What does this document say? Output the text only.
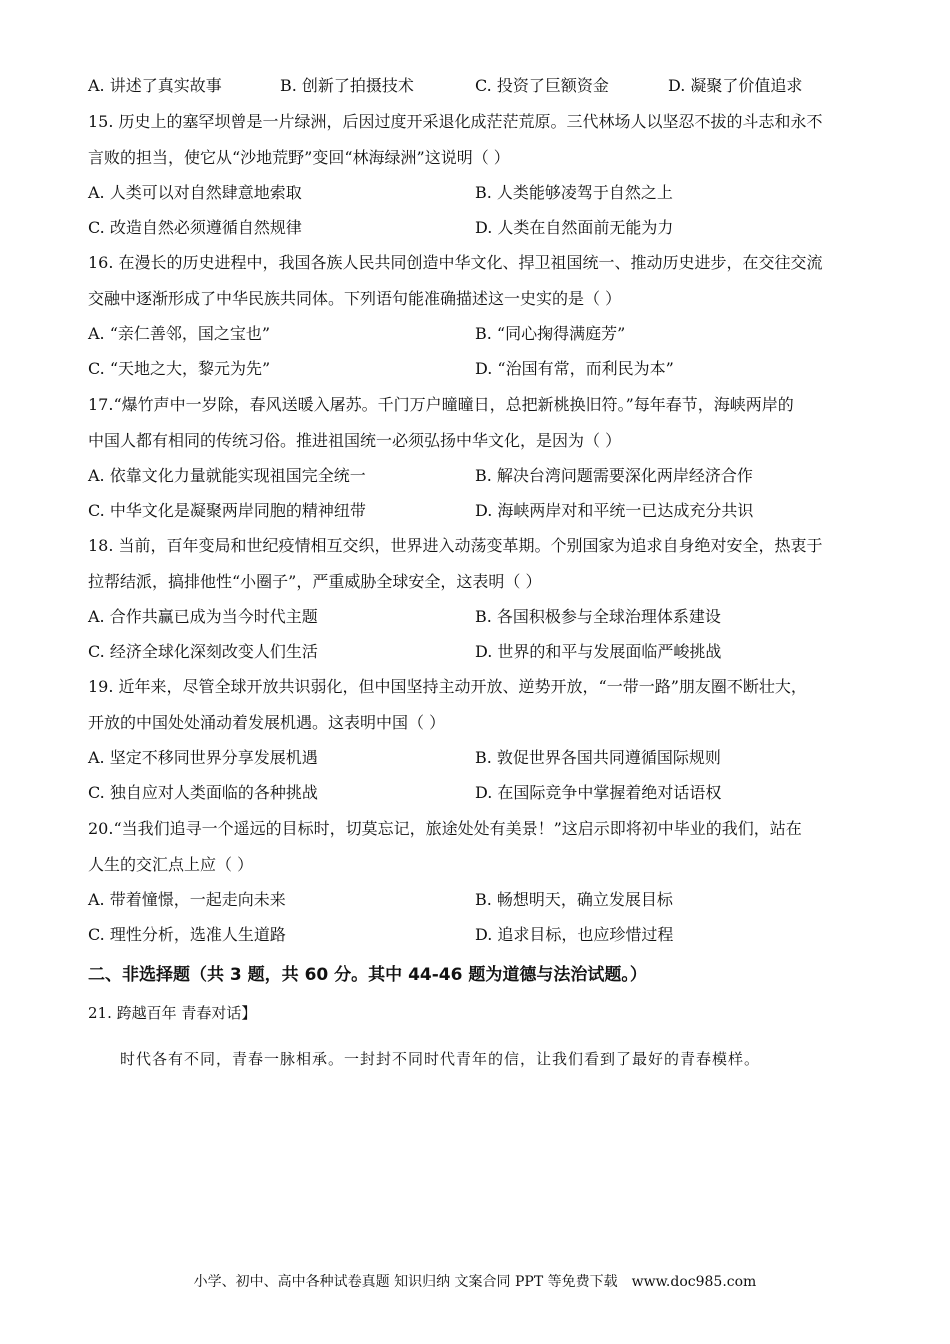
A. 讲述了真实故事	B. 创新了拍摄技术	C. 投资了巨额资金	D. 凝聚了价值追求
15. 历史上的塞罕坝曾是一片绿洲，后因过度开采退化成茫茫荒原。三代林场人以坚忍不拔的斗志和永不
言败的担当，使它从“沙地荒野”变回“林海绿洲”这说明（ ）
A. 人类可以对自然肆意地索取	B. 人类能够凌驾于自然之上
C. 改造自然必须遵循自然规律	D. 人类在自然面前无能为力
16. 在漫长的历史进程中，我国各族人民共同创造中华文化、捍卫祖国统一、推动历史进步，在交往交流
交融中逐渐形成了中华民族共同体。下列语句能准确描述这一史实的是（ ）
A. “亲仁善邻，国之宝也”	B. “同心掬得满庭芳”
C. “天地之大，黎元为先”	D. “治国有常，而利民为本”
17.“爆竹声中一岁除，春风送暖入屠苏。千门万户曈曈日，总把新桃换旧符。”每年春节，海峡两岸的
中国人都有相同的传统习俗。推进祖国统一必须弘扬中华文化，是因为（ ）
A. 依靠文化力量就能实现祖国完全统一	B. 解决台湾问题需要深化两岸经济合作
C. 中华文化是凝聚两岸同胞的精神纽带	D. 海峡两岸对和平统一已达成充分共识
18. 当前，百年变局和世纪疫情相互交织，世界进入动荡变革期。个别国家为追求自身绝对安全，热衷于
拉帮结派，搞排他性“小圈子”，严重威胁全球安全，这表明（ ）
A. 合作共赢已成为当今时代主题	B. 各国积极参与全球治理体系建设
C. 经济全球化深刻改变人们生活	D. 世界的和平与发展面临严峻挑战
19. 近年来，尽管全球开放共识弱化，但中国坚持主动开放、逆势开放，“一带一路”朋友圈不断壮大，
开放的中国处处涌动着发展机遇。这表明中国（ ）
A. 坚定不移同世界分享发展机遇	B. 敦促世界各国共同遵循国际规则
C. 独自应对人类面临的各种挑战	D. 在国际竞争中掌握着绝对话语权
20.“当我们追寻一个遥远的目标时，切莫忘记，旅途处处有美景！”这启示即将初中毕业的我们，站在
人生的交汇点上应（ ）
A. 带着憧憬，一起走向未来	B. 畅想明天，确立发展目标
C. 理性分析，选准人生道路	D. 追求目标，也应珍惜过程
二、非选择题（共 3 题，共 60 分。其中 44-46 题为道德与法治试题。）
21. 跨越百年 青春对话】
时代各有不同，青春一脉相承。一封封不同时代青年的信，让我们看到了最好的青春模样。
小学、初中、高中各种试卷真题 知识归纳 文案合同 PPT 等免费下载 www.doc985.com
